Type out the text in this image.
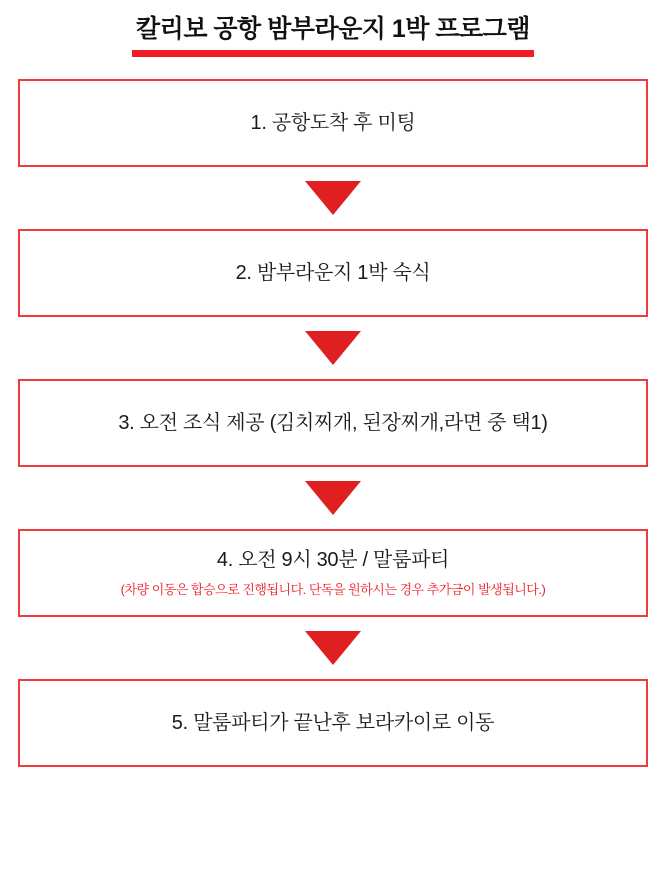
칼리보 공항 밤부라운지 1박 프로그램
1. 공항도착 후 미팅
2. 밤부라운지 1박 숙식
3. 오전 조식 제공 (김치찌개, 된장찌개,라면 중 택1)
4. 오전 9시 30분 / 말룸파티
(차량 이동은 합승으로 진행됩니다. 단독을 원하시는 경우 추가금이 발생됩니다.)
5. 말룸파티가 끝난후 보라카이로 이동
